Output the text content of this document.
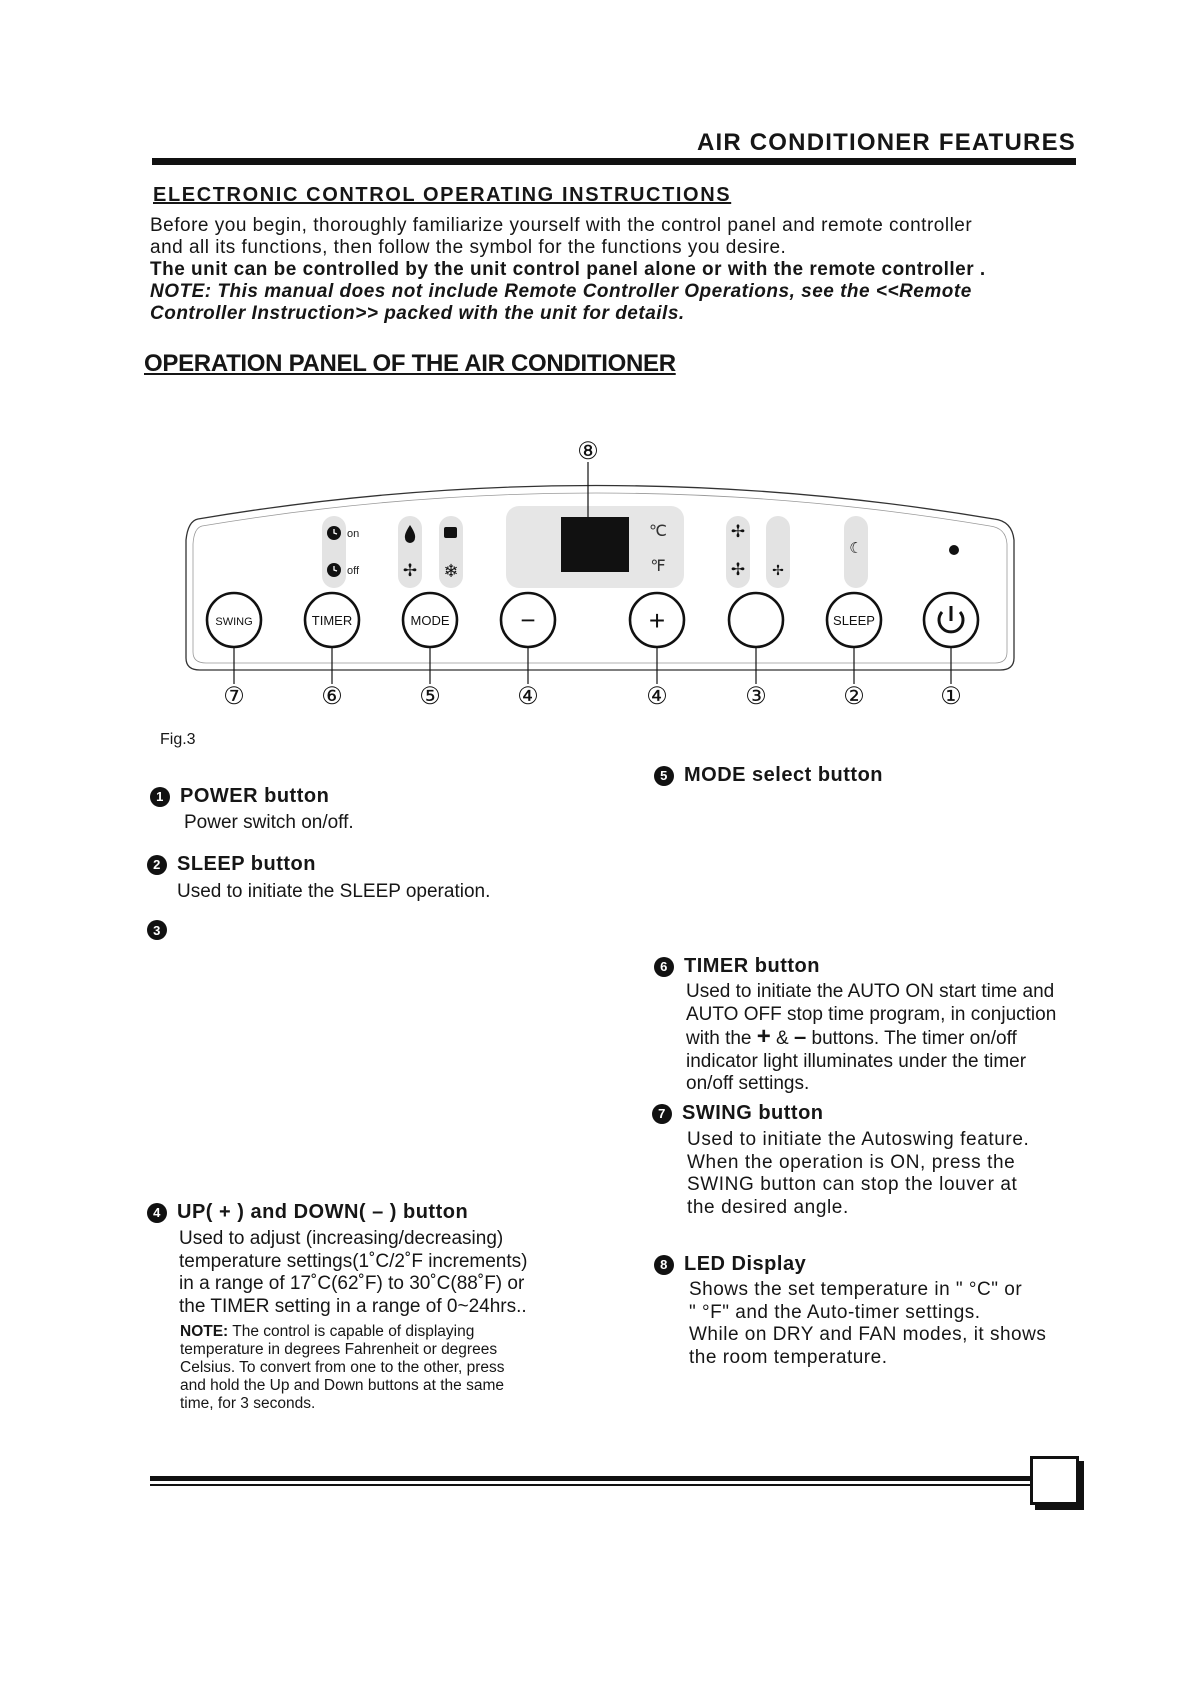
AIR CONDITIONER FEATURES
ELECTRONIC CONTROL OPERATING INSTRUCTIONS

Before you begin, thoroughly familiarize yourself with the control panel and remote controller

and all its functions, then follow the symbol for the functions you desire.

The unit can be controlled by the unit control panel alone or with the remote controller .

NOTE: This manual does not include Remote Controller Operations, see the <<Remote

Controller Instruction>> packed with the unit for details.

OPERATION PANEL OF THE AIR CONDITIONER
on
off	✢ ❄
℃
℉
✢
✢ ✢
☾
SWING	TIMER	MODE	−	+	SLEEP
⑧
⑦	⑥	⑤	④	④	③	②	①
Fig.3
1 POWER button
Power switch on/off.
2 SLEEP button
Used to initiate the SLEEP operation.
3
4 UP( + ) and DOWN( – ) button
Used to adjust (increasing/decreasing)
temperature settings(1˚C/2˚F increments)
in a range of 17˚C(62˚F) to 30˚C(88˚F) or
the TIMER setting in a range of 0~24hrs..
NOTE: The control is capable of displaying
temperature in degrees Fahrenheit or degrees
Celsius. To convert from one to the other, press
and hold the Up and Down buttons at the same
time, for 3 seconds.
5 MODE select button
6 TIMER button
Used to initiate the AUTO ON start time and
AUTO OFF stop time program, in conjuction
with the + & – buttons. The timer on/off
indicator light illuminates under the timer
on/off settings.
7 SWING button
Used to initiate the Autoswing feature.
When the operation is ON, press the
SWING button can stop the louver at
the desired angle.
8 LED Display
Shows the set temperature in " °C" or
" °F" and the Auto-timer settings.
While on DRY and FAN modes, it shows
the room temperature.
